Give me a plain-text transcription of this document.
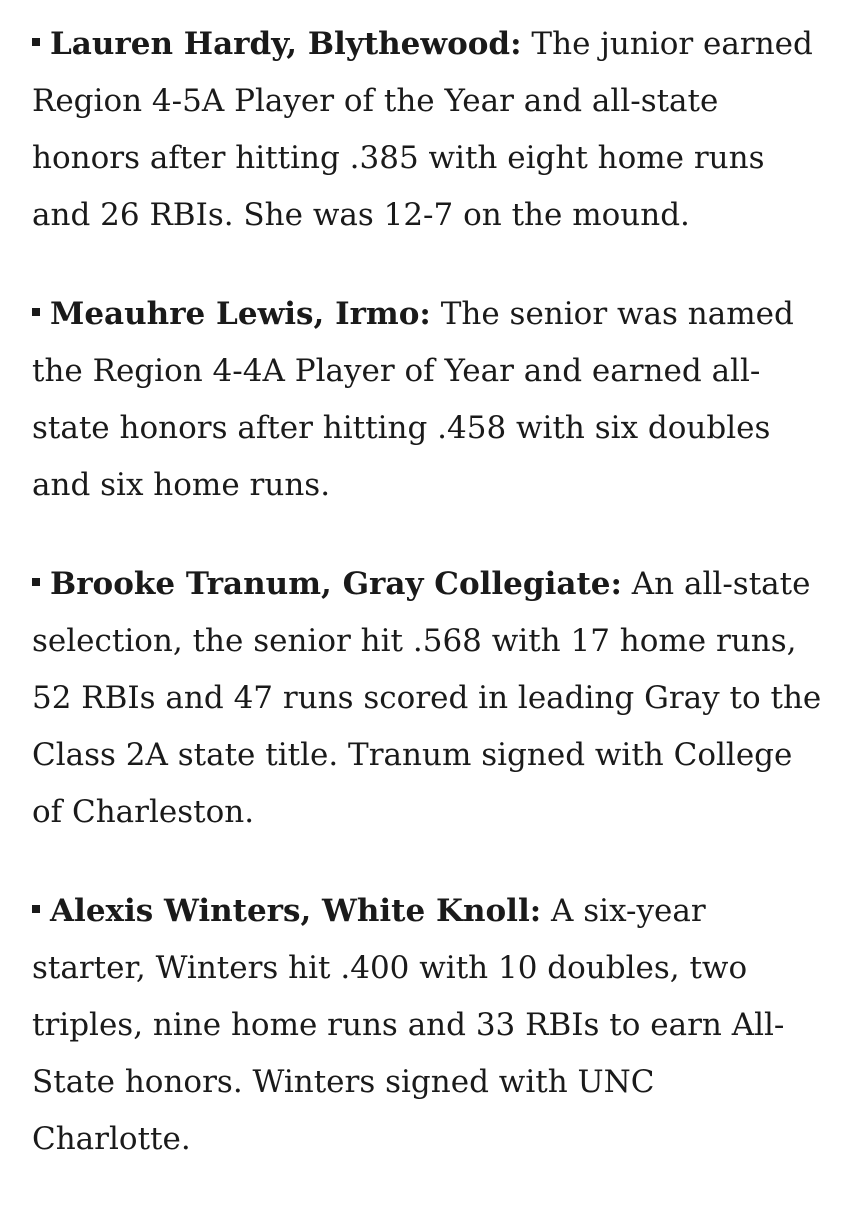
Lauren Hardy, Blythewood: The junior earned Region 4-5A Player of the Year and all-state honors after hitting .385 with eight home runs and 26 RBIs. She was 12-7 on the mound.

Meauhre Lewis, Irmo: The senior was named the Region 4-4A Player of Year and earned all-state honors after hitting .458 with six doubles and six home runs.

Brooke Tranum, Gray Collegiate: An all-state selection, the senior hit .568 with 17 home runs, 52 RBIs and 47 runs scored in leading Gray to the Class 2A state title. Tranum signed with College of Charleston.

Alexis Winters, White Knoll: A six-year starter, Winters hit .400 with 10 doubles, two triples, nine home runs and 33 RBIs to earn All-State honors. Winters signed with UNC Charlotte.
